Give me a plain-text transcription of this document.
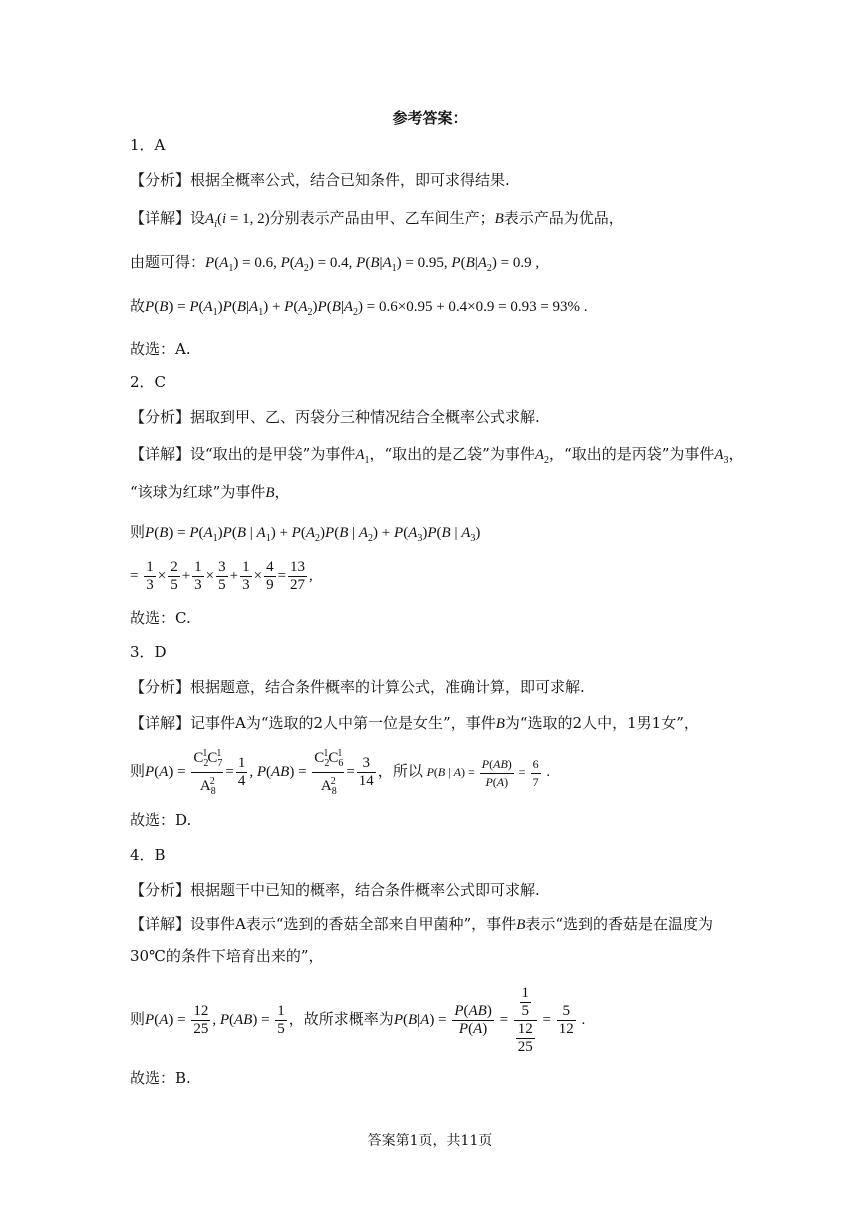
参考答案：
1．A
【分析】根据全概率公式，结合已知条件，即可求得结果.
【详解】设$A_i(i = 1$, 2)分别表示产品由甲、乙车间生产；B表示产品为优品，
由题可得：$P(A_1) = 0.6$, $P(A_2) = 0.4$, $P(B|A_1) = 0.95$, $P(B|A_2) = 0.9$ ,
故$P(B) = P(A_1)P(B|A_1) + P(A_2)P(B|A_2) = 0.6\times 0.95 + 0.4\times 0.9 = 0.93 = 93\%$ .
故选：A.
2．C
【分析】据取到甲、乙、丙袋分三种情况结合全概率公式求解.
【详解】设“取出的是甲袋”为事件$A_1$，“取出的是乙袋”为事件$A_2$，“取出的是丙袋”为事件$A_3$，
“该球为红球”为事件B，
则$P(B) = P(A_1)P(B$ | $A_1) + P(A_2)P(B$ | $A_2) + P(A_3)P(B$ | $A_3$)
= $\frac{1}{3} \times \frac{2}{5} + \frac{1}{3} \times \frac{3}{5} + \frac{1}{3} \times \frac{4}{9} = \frac{13}{27}$ ,
故选：C.
3．D
【分析】根据题意，结合条件概率的计算公式，准确计算，即可求解.
【详解】记事件A为“选取的2人中第一位是女生”，事件B为“选取的2人中，1男1女”，
则$P(A) = \frac{C_2^1C_7^1}{A_8^2} = \frac{1}{4}$ , $P(AB) = \frac{C_2^1C_6^1}{A_8^2} = \frac{3}{14}$ ，所以 P(B | $A) = \frac{P(AB)}{P(A)} = \frac{6}{7}$ .
故选：D.
4．B
【分析】根据题干中已知的概率，结合条件概率公式即可求解.
【详解】设事件A表示“选到的香菇全部来自甲菌种”，事件B表示“选到的香菇是在温度为
30℃的条件下培育出来的”，
则$P(A) = \frac{12}{25}$ , $P(AB) = \frac{1}{5}$ ，故所求概率为$P(B|A) = \frac{P(AB)}{P(A)} = \frac{\frac{1}{5}}{\frac{12}{25}} = \frac{5}{12}$ .
故选：B.
答案第1页，共11页
